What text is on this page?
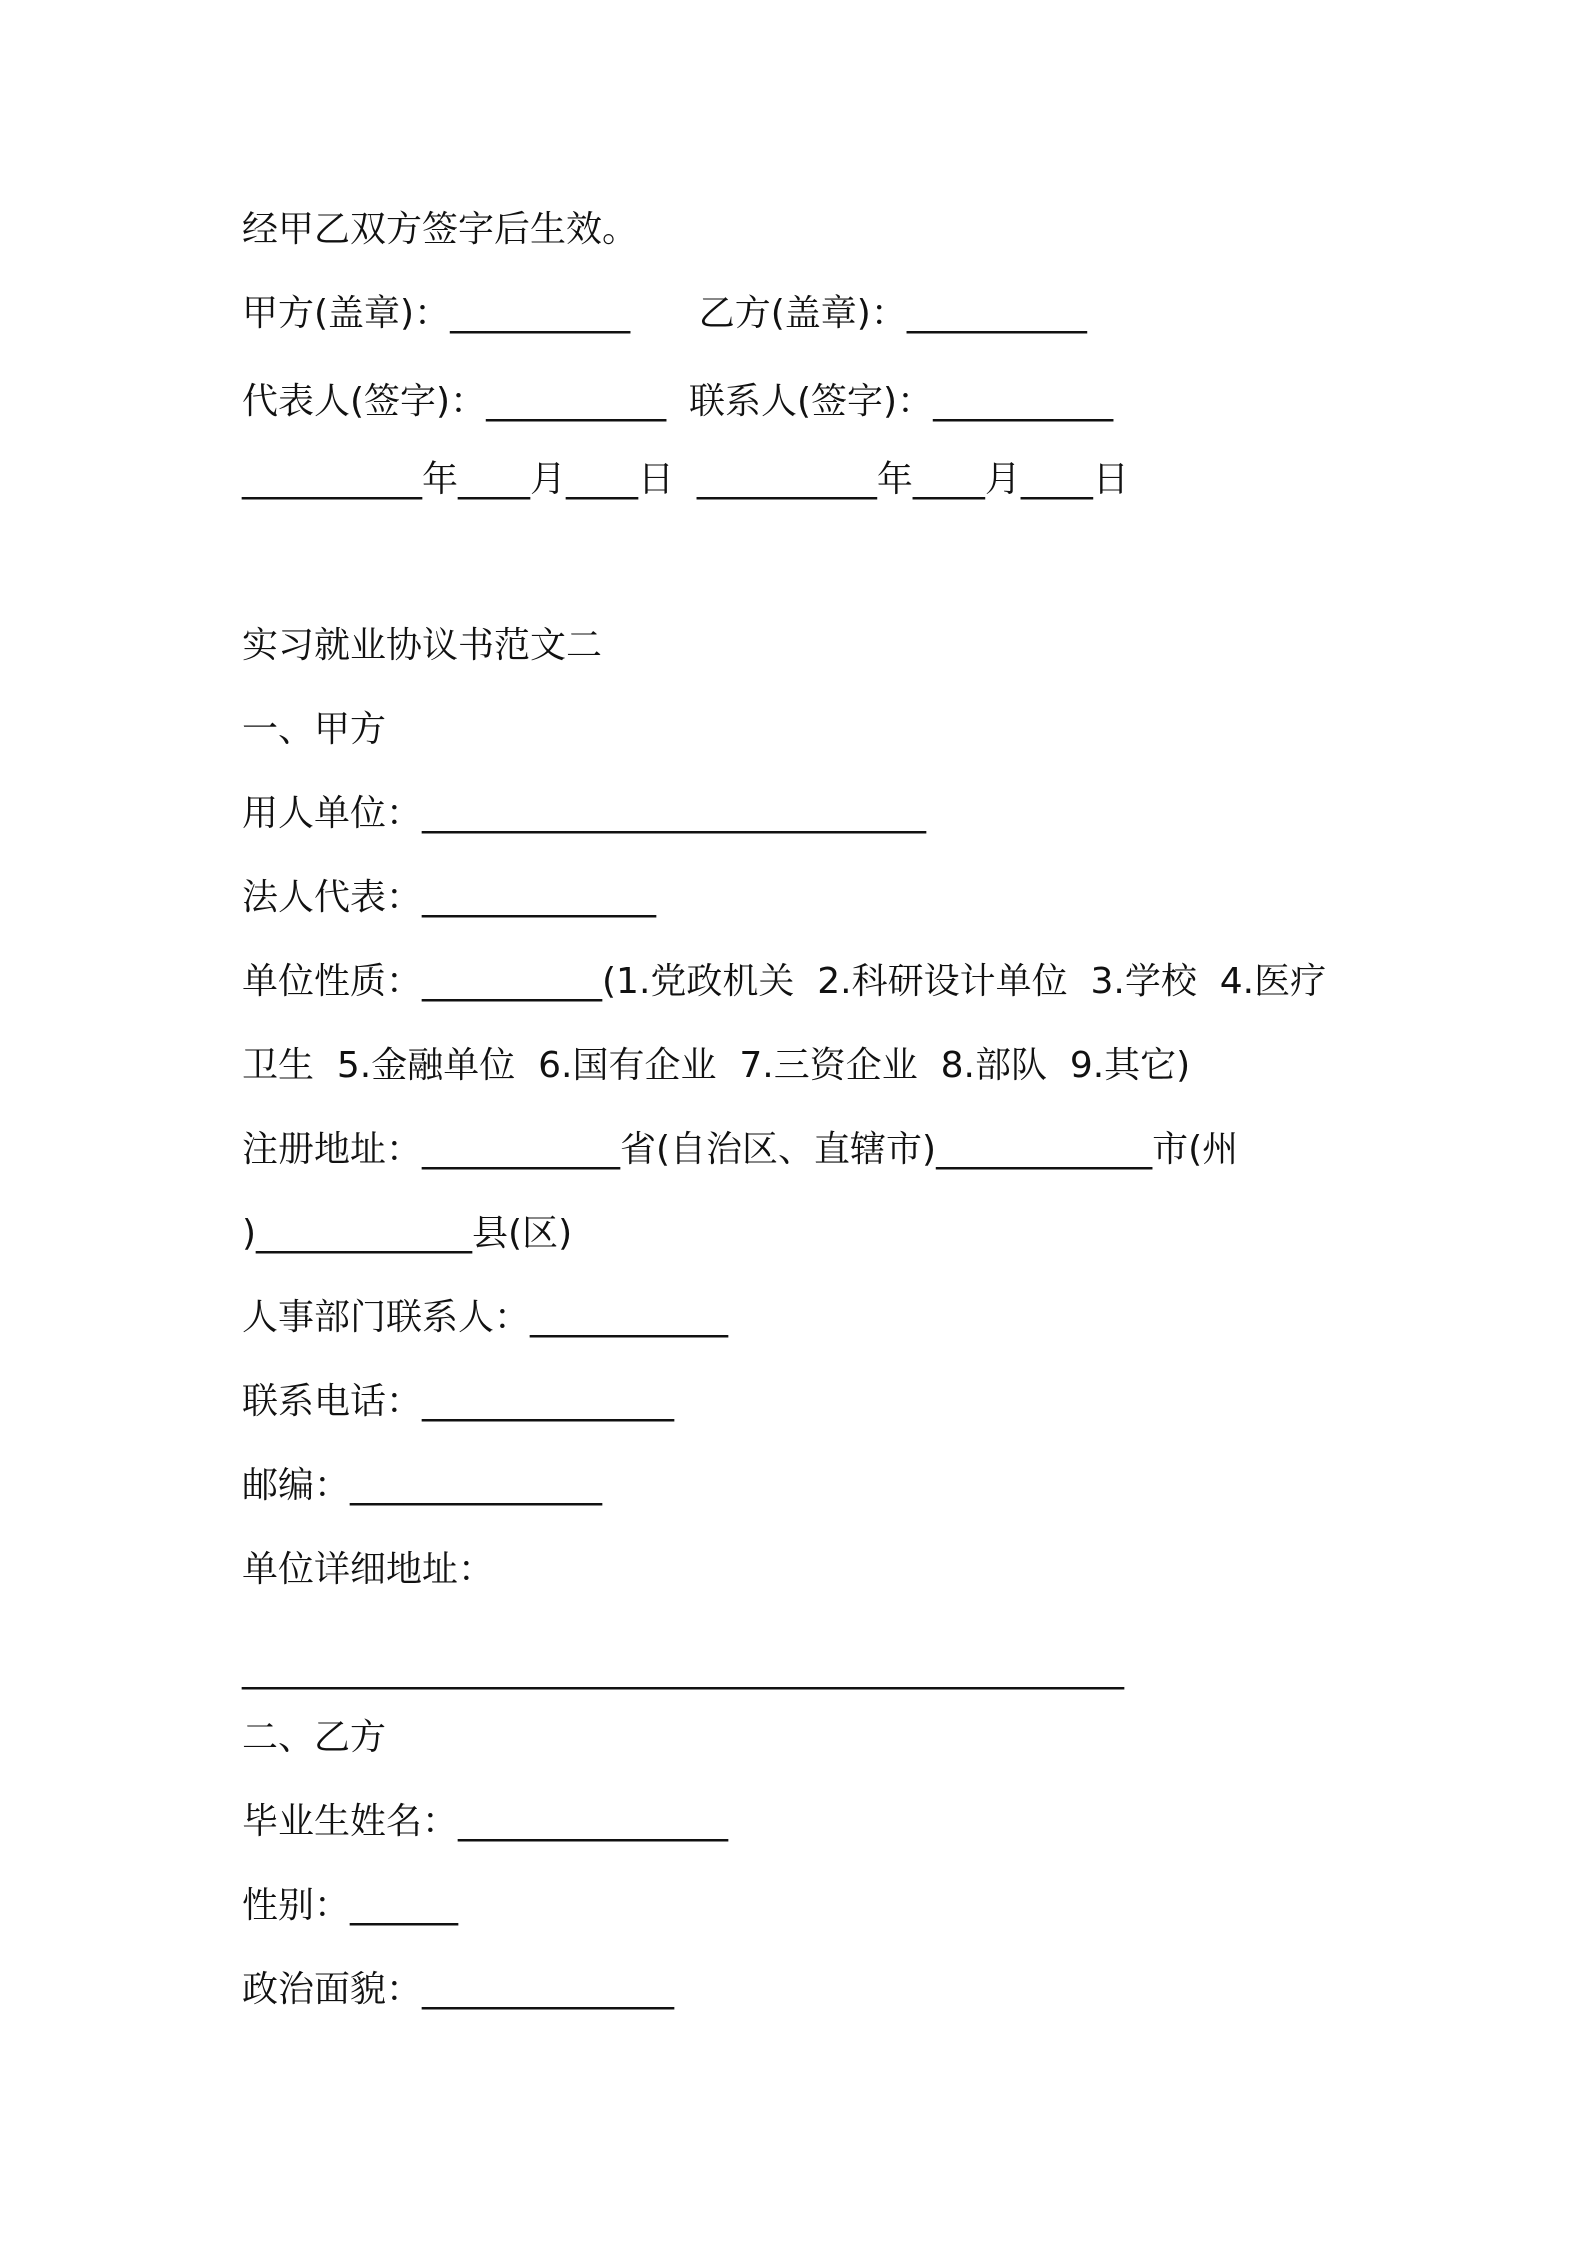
经甲乙双方签字后生效。
甲方(盖章)：__________      乙方(盖章)：__________
代表人(签字)：__________  联系人(签字)：__________
__________年____月____日  __________年____月____日
实习就业协议书范文二
一、甲方
用人单位：____________________________
法人代表：_____________
单位性质：__________(1.党政机关  2.科研设计单位  3.学校  4.医疗
卫生  5.金融单位  6.国有企业  7.三资企业  8.部队  9.其它)
注册地址：___________省(自治区、直辖市)____________市(州
)____________县(区)
人事部门联系人：___________
联系电话：______________
邮编：______________
单位详细地址：
_________________________________________________
二、乙方
毕业生姓名：_______________
性别：______
政治面貌：______________
